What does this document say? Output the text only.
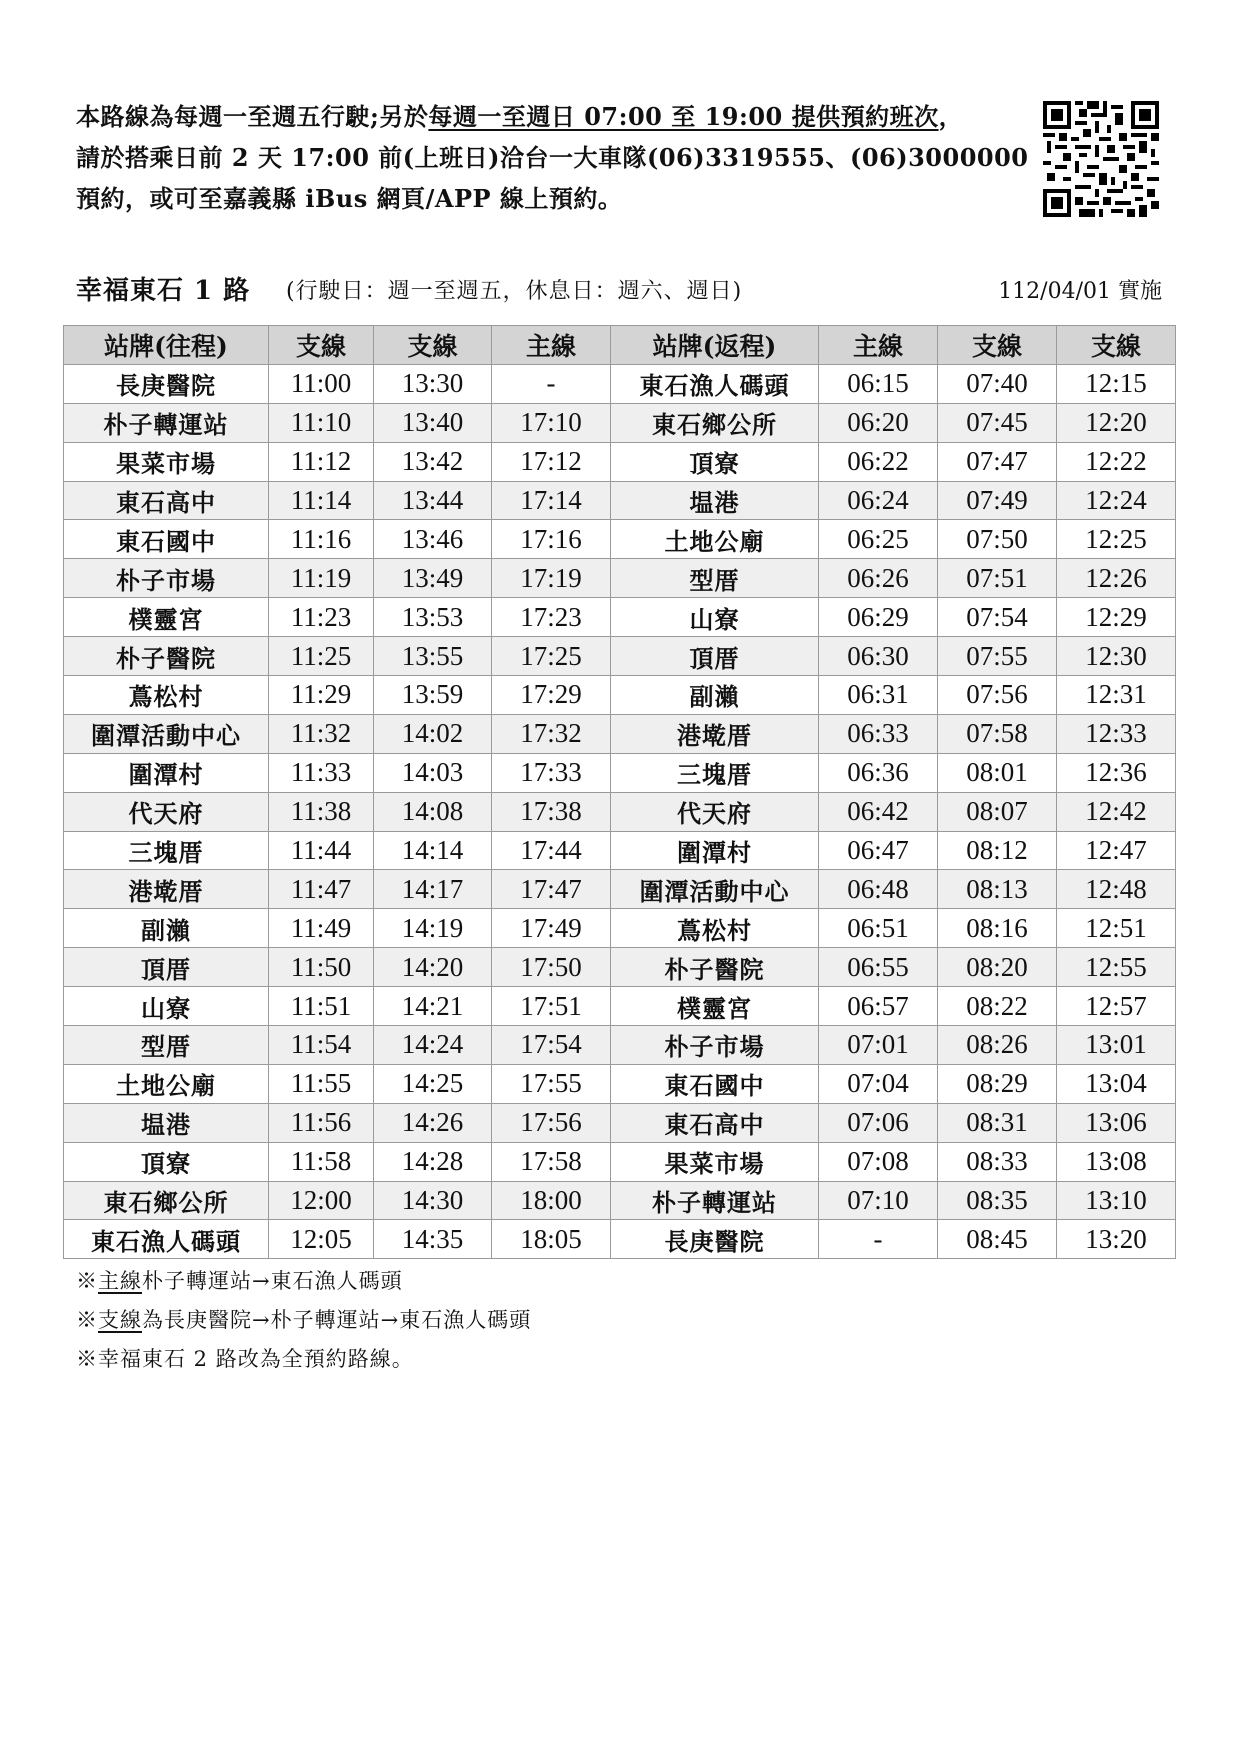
本路線為每週一至週五行駛;另於每週一至週日 07:00 至 19:00 提供預約班次，
請於搭乘日前 2 天 17:00 前(上班日)洽台一大車隊(06)3319555、(06)3000000
預約，或可至嘉義縣 iBus 網頁/APP 線上預約。
幸福東石 1 路 (行駛日：週一至週五，休息日：週六、週日)	112/04/01 實施
站牌(往程)	支線	支線	主線	站牌(返程)	主線	支線	支線
長庚醫院	11:00	13:30	-	東石漁人碼頭	06:15	07:40	12:15
朴子轉運站	11:10	13:40	17:10	東石鄉公所	06:20	07:45	12:20
果菜市場	11:12	13:42	17:12	頂寮	06:22	07:47	12:22
東石高中	11:14	13:44	17:14	塭港	06:24	07:49	12:24
東石國中	11:16	13:46	17:16	土地公廟	06:25	07:50	12:25
朴子市場	11:19	13:49	17:19	型厝	06:26	07:51	12:26
樸靈宮	11:23	13:53	17:23	山寮	06:29	07:54	12:29
朴子醫院	11:25	13:55	17:25	頂厝	06:30	07:55	12:30
蔦松村	11:29	13:59	17:29	副瀨	06:31	07:56	12:31
圍潭活動中心	11:32	14:02	17:32	港墘厝	06:33	07:58	12:33
圍潭村	11:33	14:03	17:33	三塊厝	06:36	08:01	12:36
代天府	11:38	14:08	17:38	代天府	06:42	08:07	12:42
三塊厝	11:44	14:14	17:44	圍潭村	06:47	08:12	12:47
港墘厝	11:47	14:17	17:47	圍潭活動中心	06:48	08:13	12:48
副瀨	11:49	14:19	17:49	蔦松村	06:51	08:16	12:51
頂厝	11:50	14:20	17:50	朴子醫院	06:55	08:20	12:55
山寮	11:51	14:21	17:51	樸靈宮	06:57	08:22	12:57
型厝	11:54	14:24	17:54	朴子市場	07:01	08:26	13:01
土地公廟	11:55	14:25	17:55	東石國中	07:04	08:29	13:04
塭港	11:56	14:26	17:56	東石高中	07:06	08:31	13:06
頂寮	11:58	14:28	17:58	果菜市場	07:08	08:33	13:08
東石鄉公所	12:00	14:30	18:00	朴子轉運站	07:10	08:35	13:10
東石漁人碼頭	12:05	14:35	18:05	長庚醫院	-	08:45	13:20
※主線朴子轉運站→東石漁人碼頭
※支線為長庚醫院→朴子轉運站→東石漁人碼頭
※幸福東石 2 路改為全預約路線。
